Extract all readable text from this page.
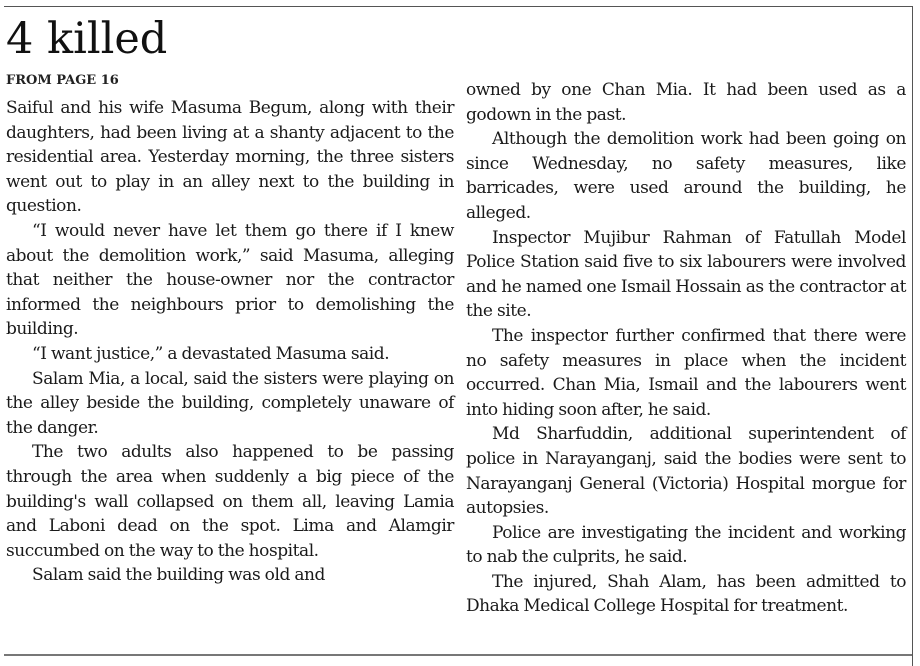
4 killed
FROM PAGE 16

Saiful and his wife Masuma Begum, along with their daughters, had been living at a shanty adjacent to the residential area. Yesterday morning, the three sisters went out to play in an alley next to the building in question.

“I would never have let them go there if I knew about the demolition work,” said Masuma, alleging that neither the house-owner nor the contractor informed the neighbours prior to demolishing the building.

“I want justice,” a devastated Masuma said.

Salam Mia, a local, said the sisters were playing on the alley beside the building, completely unaware of the danger.

The two adults also happened to be passing through the area when suddenly a big piece of the building's wall collapsed on them all, leaving Lamia and Laboni dead on the spot. Lima and Alamgir succumbed on the way to the hospital.

Salam said the building was old and

owned by one Chan Mia. It had been used as a godown in the past.

Although the demolition work had been going on since Wednesday, no safety measures, like barricades, were used around the building, he alleged.

Inspector Mujibur Rahman of Fatullah Model Police Station said five to six labourers were involved and he named one Ismail Hossain as the contractor at the site.

The inspector further confirmed that there were no safety measures in place when the incident occurred. Chan Mia, Ismail and the labourers went into hiding soon after, he said.

Md Sharfuddin, additional superintendent of police in Narayanganj, said the bodies were sent to Narayanganj General (Victoria) Hospital morgue for autopsies.

Police are investigating the incident and working to nab the culprits, he said.

The injured, Shah Alam, has been admitted to Dhaka Medical College Hospital for treatment.
